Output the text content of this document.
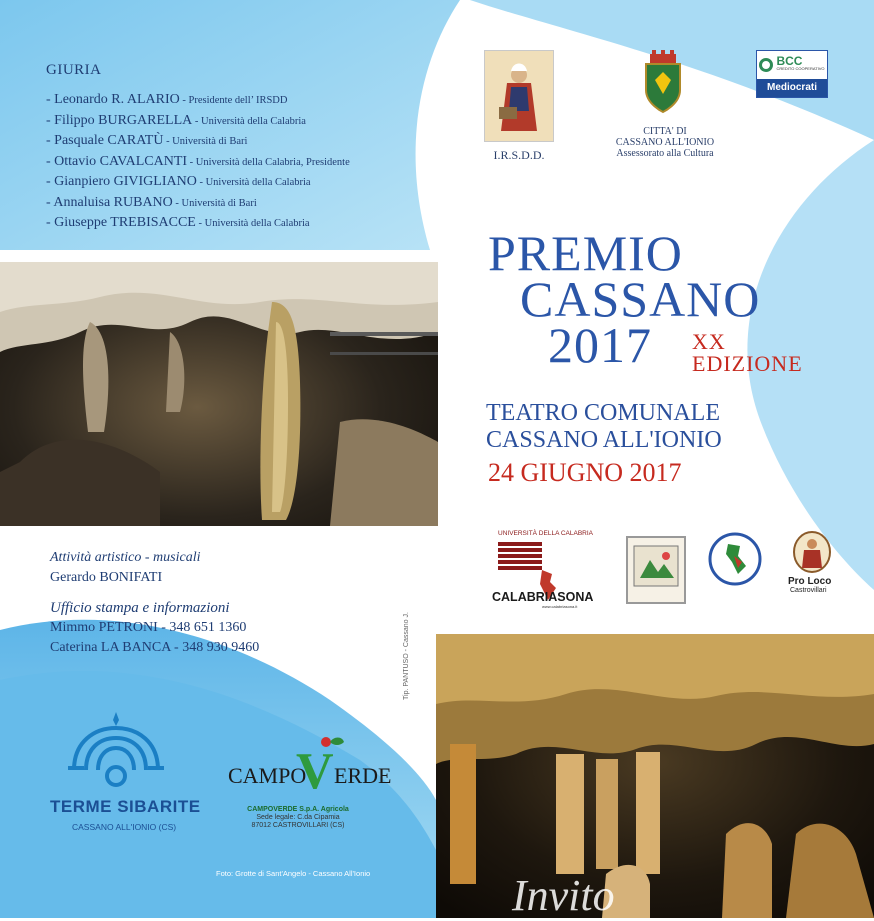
GIURIA
- Leonardo R. ALARIO - Presidente dell’ IRSDD
- Filippo BURGARELLA - Università della Calabria
- Pasquale CARATÙ - Università di Bari
- Ottavio CAVALCANTI - Università della Calabria, Presidente
- Gianpiero GIVIGLIANO - Università della Calabria
- Annaluisa RUBANO - Università di Bari
- Giuseppe TREBISACCE - Università della Calabria
I.R.S.D.D.
CITTA' DI
CASSANO ALL'IONIO
Assessorato alla Cultura
BCC
CREDITO COOPERATIVO
Mediocrati
PREMIO
CASSANO
2017 XX
EDIZIONE
TEATRO COMUNALE
CASSANO ALL'IONIO
24 GIUGNO 2017
UNIVERSITÀ DELLA CALABRIA
CALABRIASONA
www.calabriasona.it
Pro Loco
Castrovillari
Attività artistico - musicali
Gerardo BONIFATI
Ufficio stampa e informazioni
Mimmo PETRONI - 348 651 1360
Caterina LA BANCA - 348 930 9460	Tip. PANTUSO - Cassano J.
TERME SIBARITE
CASSANO ALL'IONIO (CS)
CAMPO
V ERDE
CAMPOVERDE S.p.A. Agricola
Sede legale: C.da Cipamia
87012 CASTROVILLARI (CS)
Foto: Grotte di Sant'Angelo - Cassano All'Ionio	Invito
